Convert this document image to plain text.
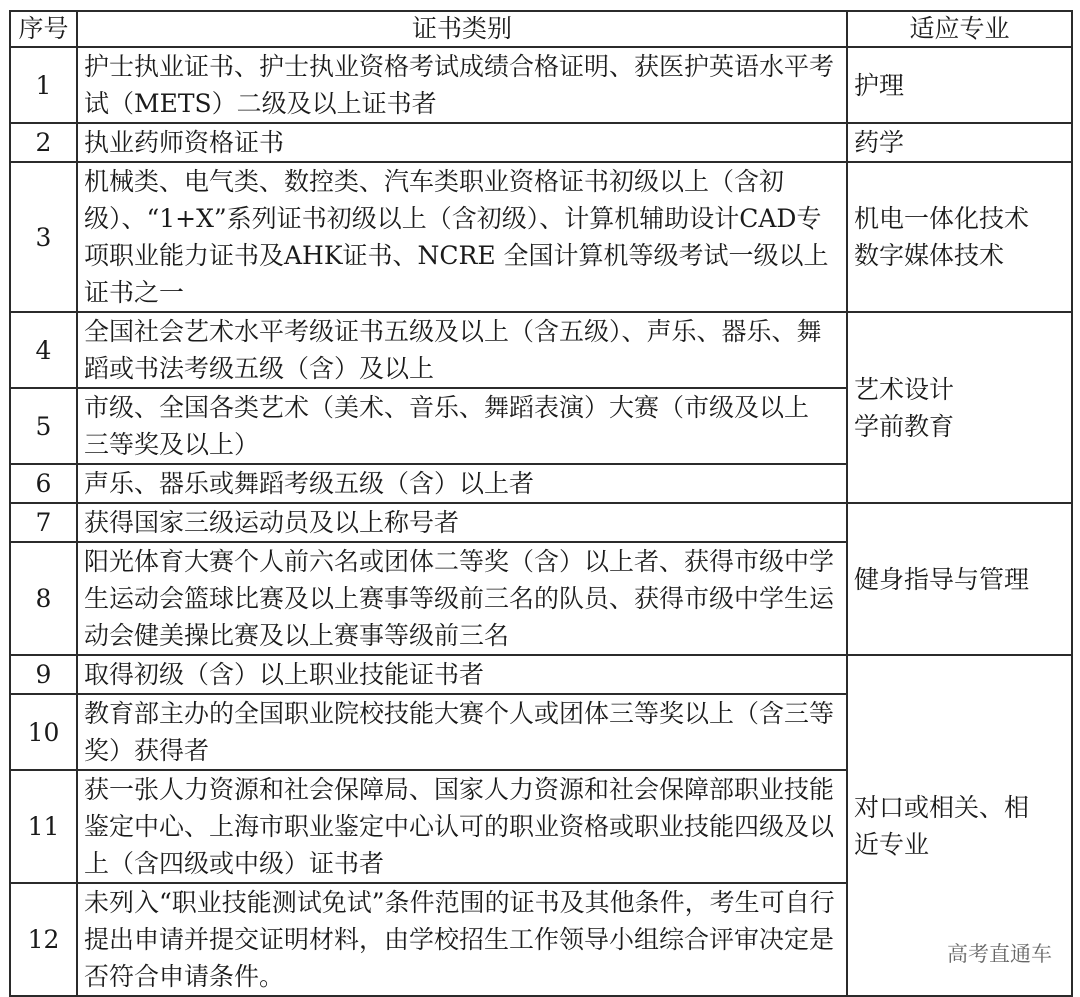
序号	证书类别	适应专业
1	护士执业证书、护士执业资格考试成绩合格证明、获医护英语水平考试（METS）二级及以上证书者	护理

2	执业药师资格证书	药学

3	机械类、电气类、数控类、汽车类职业资格证书初级以上（含初级）、“1+X”系列证书初级以上（含初级）、计算机辅助设计CAD专项职业能力证书及AHK证书、NCRE 全国计算机等级考试一级以上证书之一	机电一体化技术
数字媒体技术

4	全国社会艺术水平考级证书五级及以上（含五级）、声乐、器乐、舞蹈或书法考级五级（含）及以上	艺术设计
学前教育

5	市级、全国各类艺术（美术、音乐、舞蹈表演）大赛（市级及以上 三等奖及以上）	
6	声乐、器乐或舞蹈考级五级（含）以上者	
7	获得国家三级运动员及以上称号者	健身指导与管理

8	阳光体育大赛个人前六名或团体二等奖（含）以上者、获得市级中学生运动会篮球比赛及以上赛事等级前三名的队员、获得市级中学生运动会健美操比赛及以上赛事等级前三名	
9	取得初级（含）以上职业技能证书者	对口或相关、相
近专业

10	教育部主办的全国职业院校技能大赛个人或团体三等奖以上（含三等奖）获得者	
11	获一张人力资源和社会保障局、国家人力资源和社会保障部职业技能鉴定中心、上海市职业鉴定中心认可的职业资格或职业技能四级及以上（含四级或中级）证书者	
12	未列入“职业技能测试免试”条件范围的证书及其他条件，考生可自行提出申请并提交证明材料，由学校招生工作领导小组综合评审决定是否符合申请条件。	
高考直通车
